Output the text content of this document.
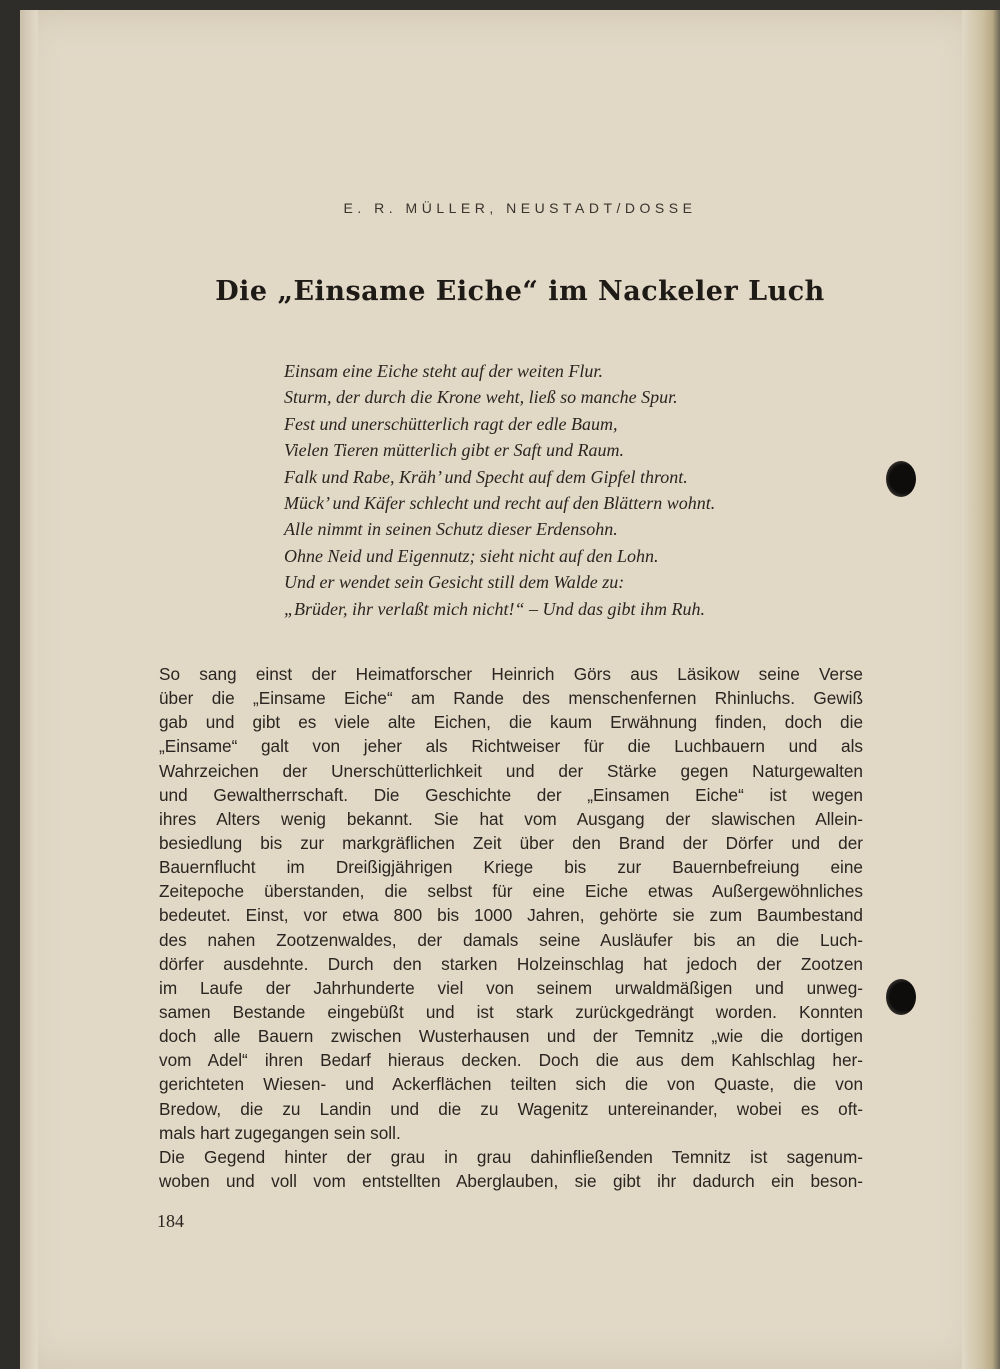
E. R. MÜLLER, NEUSTADT/DOSSE
Die „Einsame Eiche“ im Nackeler Luch
Einsam eine Eiche steht auf der weiten Flur.
Sturm, der durch die Krone weht, ließ so manche Spur.
Fest und unerschütterlich ragt der edle Baum,
Vielen Tieren mütterlich gibt er Saft und Raum.
Falk und Rabe, Kräh’ und Specht auf dem Gipfel thront.
Mück’ und Käfer schlecht und recht auf den Blättern wohnt.
Alle nimmt in seinen Schutz dieser Erdensohn.
Ohne Neid und Eigennutz; sieht nicht auf den Lohn.
Und er wendet sein Gesicht still dem Walde zu:
„Brüder, ihr verlaßt mich nicht!“ – Und das gibt ihm Ruh.
So sang einst der Heimatforscher Heinrich Görs aus Läsikow seine Verse
über die „Einsame Eiche“ am Rande des menschenfernen Rhinluchs. Gewiß
gab und gibt es viele alte Eichen, die kaum Erwähnung finden, doch die
„Einsame“ galt von jeher als Richtweiser für die Luchbauern und als
Wahrzeichen der Unerschütterlichkeit und der Stärke gegen Naturgewalten
und Gewaltherrschaft. Die Geschichte der „Einsamen Eiche“ ist wegen
ihres Alters wenig bekannt. Sie hat vom Ausgang der slawischen Allein-
besiedlung bis zur markgräflichen Zeit über den Brand der Dörfer und der
Bauernflucht im Dreißigjährigen Kriege bis zur Bauernbefreiung eine
Zeitepoche überstanden, die selbst für eine Eiche etwas Außergewöhnliches
bedeutet. Einst, vor etwa 800 bis 1000 Jahren, gehörte sie zum Baumbestand
des nahen Zootzenwaldes, der damals seine Ausläufer bis an die Luch-
dörfer ausdehnte. Durch den starken Holzeinschlag hat jedoch der Zootzen
im Laufe der Jahrhunderte viel von seinem urwaldmäßigen und unweg-
samen Bestande eingebüßt und ist stark zurückgedrängt worden. Konnten
doch alle Bauern zwischen Wusterhausen und der Temnitz „wie die dortigen
vom Adel“ ihren Bedarf hieraus decken. Doch die aus dem Kahlschlag her-
gerichteten Wiesen- und Ackerflächen teilten sich die von Quaste, die von
Bredow, die zu Landin und die zu Wagenitz untereinander, wobei es oft-
mals hart zugegangen sein soll.
Die Gegend hinter der grau in grau dahinfließenden Temnitz ist sagenum-
woben und voll vom entstellten Aberglauben, sie gibt ihr dadurch ein beson-
184
